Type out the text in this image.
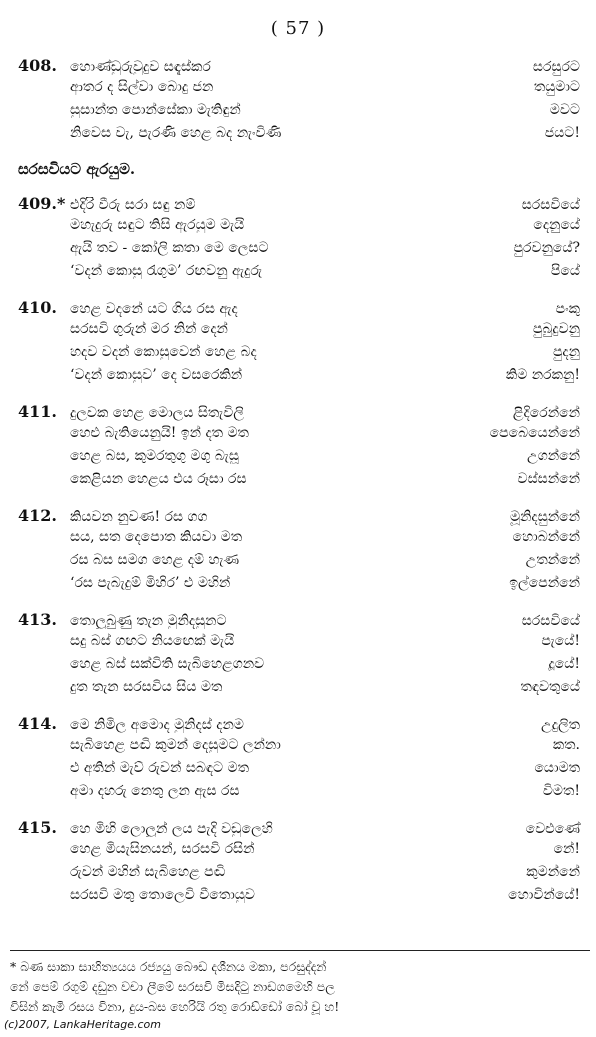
( 57 )
408. හොණ්ඩුරුවුදුව සඳැස්කර	සරසුරට
ආතර ද සිල්වා බොදු ජන	තයුමාට
සුසාන්ත පොන්සේකා මැතිඳුන්	මවට
නිවෙස වැ, පැරණි හෙළ බද නැංවිණි	ජයට!
සරසවියට ඇරයුම.
409.* එදිරි වීරු සරා සඳු නම්	සරසවියේ
මහැදුරු සඳුට තිසි ඇරයුම මැයි	දෙනුයේ
ඇයි තව - කෝලි කතා මෙ ලෙසට	පුරවනුයේ?
‘වදන් කොසු රැගුම’ රඟවනු ඇදුරු	පියේ
410. හෙළ වදනේ යට ගිය රස ඇද	පංකු
සරසවි ගුරුන් මර නින් දෙන්	පුබුදුවනු
හදව වදන් කොසුවෙන් හෙළ බද	පුදනු
‘වදන් කොසුව’ දෙ වසරෙකින්	කිම නරකනු!
411. දුලවක හෙළ මොලය සිතැවිලි	ළිදිරෙන්නේ
හෙළු බැතියෙනුයි! ඉන් දත මත	පෙබෙයෙන්නේ
හෙළ බස, කුමරතුගු මගු බැසූ	උගන්නේ
කෙළියන හෙළය එය රූසා රස	වස්සන්නේ
412. කියවන නුවණ! රස ගග	මූනිදසුන්නේ
සය, සත දෙපොත කියවා මත	හොබන්නේ
රස බස සමග හෙළ දම් හැණ	උතන්නේ
‘රස පැබැදුම් මිහිර’ එ මහින්	ඉල්පෙන්නේ
413. තොලුබුණු තැන මුනිදසුනට	සරසවියේ
සදු බස් ගඟට නියඟෙක් මැයි	පැයේ!
හෙළ බස් සක්විති සැබිහෙළගනව	දූයේ!
දුත තැන සරසවිය සිය මත	තඳවතුයේ
414. මෙ නිමිල අමොද මුනිදස් දනම	උදුලිත
සැබිහෙළ පඬි කුමන් දෙසුමට ලන්නා	කත.
එ අතින් මැව් රුවන් සබඳට මත	යොමත
අමා දහරු නෙතු ලන ඇස රස	විමත!
415. හෙ මිහි ලොලුන් ලය පැදි වඩුලෙහි	වෙළුණේ
හෙළ මියැසිනයන්, සරසවි රසින්	නේ!
රුවන් මහින් සැබිහෙළ පඬි	කුමන්නේ
සරසවි මතු තොලෙවි වීතොයුව	හොවින්යේ!
* බණ සාකා සාහිත්‍යයය රජ්‍යයු බෞඩ දශීනය මකා, පරසුද්දන්
නේ පෙම් රගුම් දඩුන වචා ලීමේ සරසවි මිසදිටු නාඩගමෙහි පල
විසින් කැමි රසය විනා, දුය-බස හෙරියි රතු රොඩ්ඩෝ බෝ වූ හ!
(c)2007, LankaHeritage.com
